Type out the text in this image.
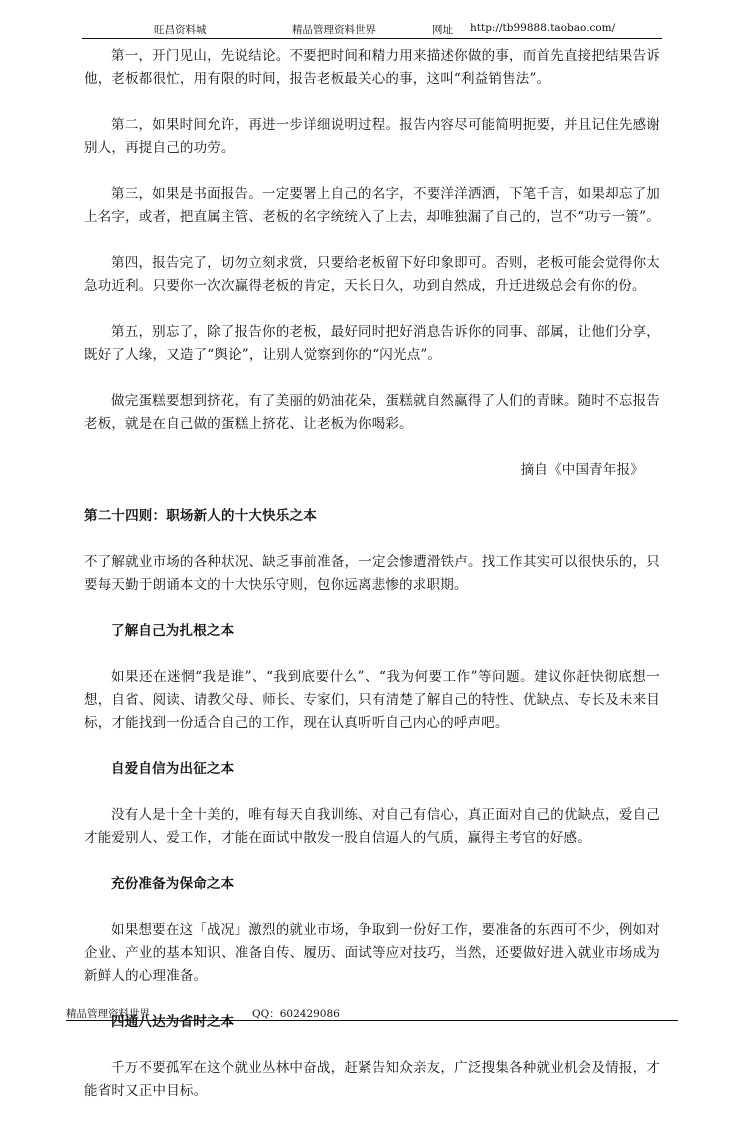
旺昌资料城	精品管理资料世界	网址 http://tb99888.taobao.com/

第一，开门见山，先说结论。不要把时间和精力用来描述你做的事，而首先直接把结果告诉他，老板都很忙，用有限的时间，报告老板最关心的事，这叫“利益销售法”。

第二，如果时间允许，再进一步详细说明过程。报告内容尽可能简明扼要，并且记住先感谢别人，再提自己的功劳。

第三，如果是书面报告。一定要署上自己的名字，不要洋洋洒洒，下笔千言，如果却忘了加上名字，或者，把直属主管、老板的名字统统入了上去，却唯独漏了自己的，岂不“功亏一篑”。

第四，报告完了，切勿立刻求赏，只要给老板留下好印象即可。否则，老板可能会觉得你太急功近利。只要你一次次赢得老板的肯定，天长日久，功到自然成，升迁进级总会有你的份。

第五，别忘了，除了报告你的老板，最好同时把好消息告诉你的同事、部属，让他们分享，既好了人缘，又造了“舆论”，让别人觉察到你的“闪光点”。

做完蛋糕要想到挤花，有了美丽的奶油花朵，蛋糕就自然赢得了人们的青睐。随时不忘报告老板，就是在自己做的蛋糕上挤花、让老板为你喝彩。

摘自《中国青年报》

第二十四则：职场新人的十大快乐之本

不了解就业市场的各种状况、缺乏事前准备，一定会惨遭滑铁卢。找工作其实可以很快乐的，只要每天勤于朗诵本文的十大快乐守则，包你远离悲惨的求职期。

了解自己为扎根之本

如果还在迷惘“我是谁”、“我到底要什么”、“我为何要工作”等问题。建议你赶快彻底想一想，自省、阅读、请教父母、师长、专家们，只有清楚了解自己的特性、优缺点、专长及未来目标，才能找到一份适合自己的工作，现在认真听听自己内心的呼声吧。

自爱自信为出征之本

没有人是十全十美的，唯有每天自我训练、对自己有信心，真正面对自己的优缺点，爱自己才能爱别人、爱工作，才能在面试中散发一股自信逼人的气质，赢得主考官的好感。

充份准备为保命之本

如果想要在这「战况」激烈的就业市场，争取到一份好工作，要准备的东西可不少，例如对企业、产业的基本知识、准备自传、履历、面试等应对技巧，当然，还要做好进入就业市场成为新鲜人的心理准备。

四通八达为省时之本

千万不要孤军在这个就业丛林中奋战，赶紧告知众亲友，广泛搜集各种就业机会及情报，才能省时又正中目标。

精品管理资料世界	QQ：602429086
